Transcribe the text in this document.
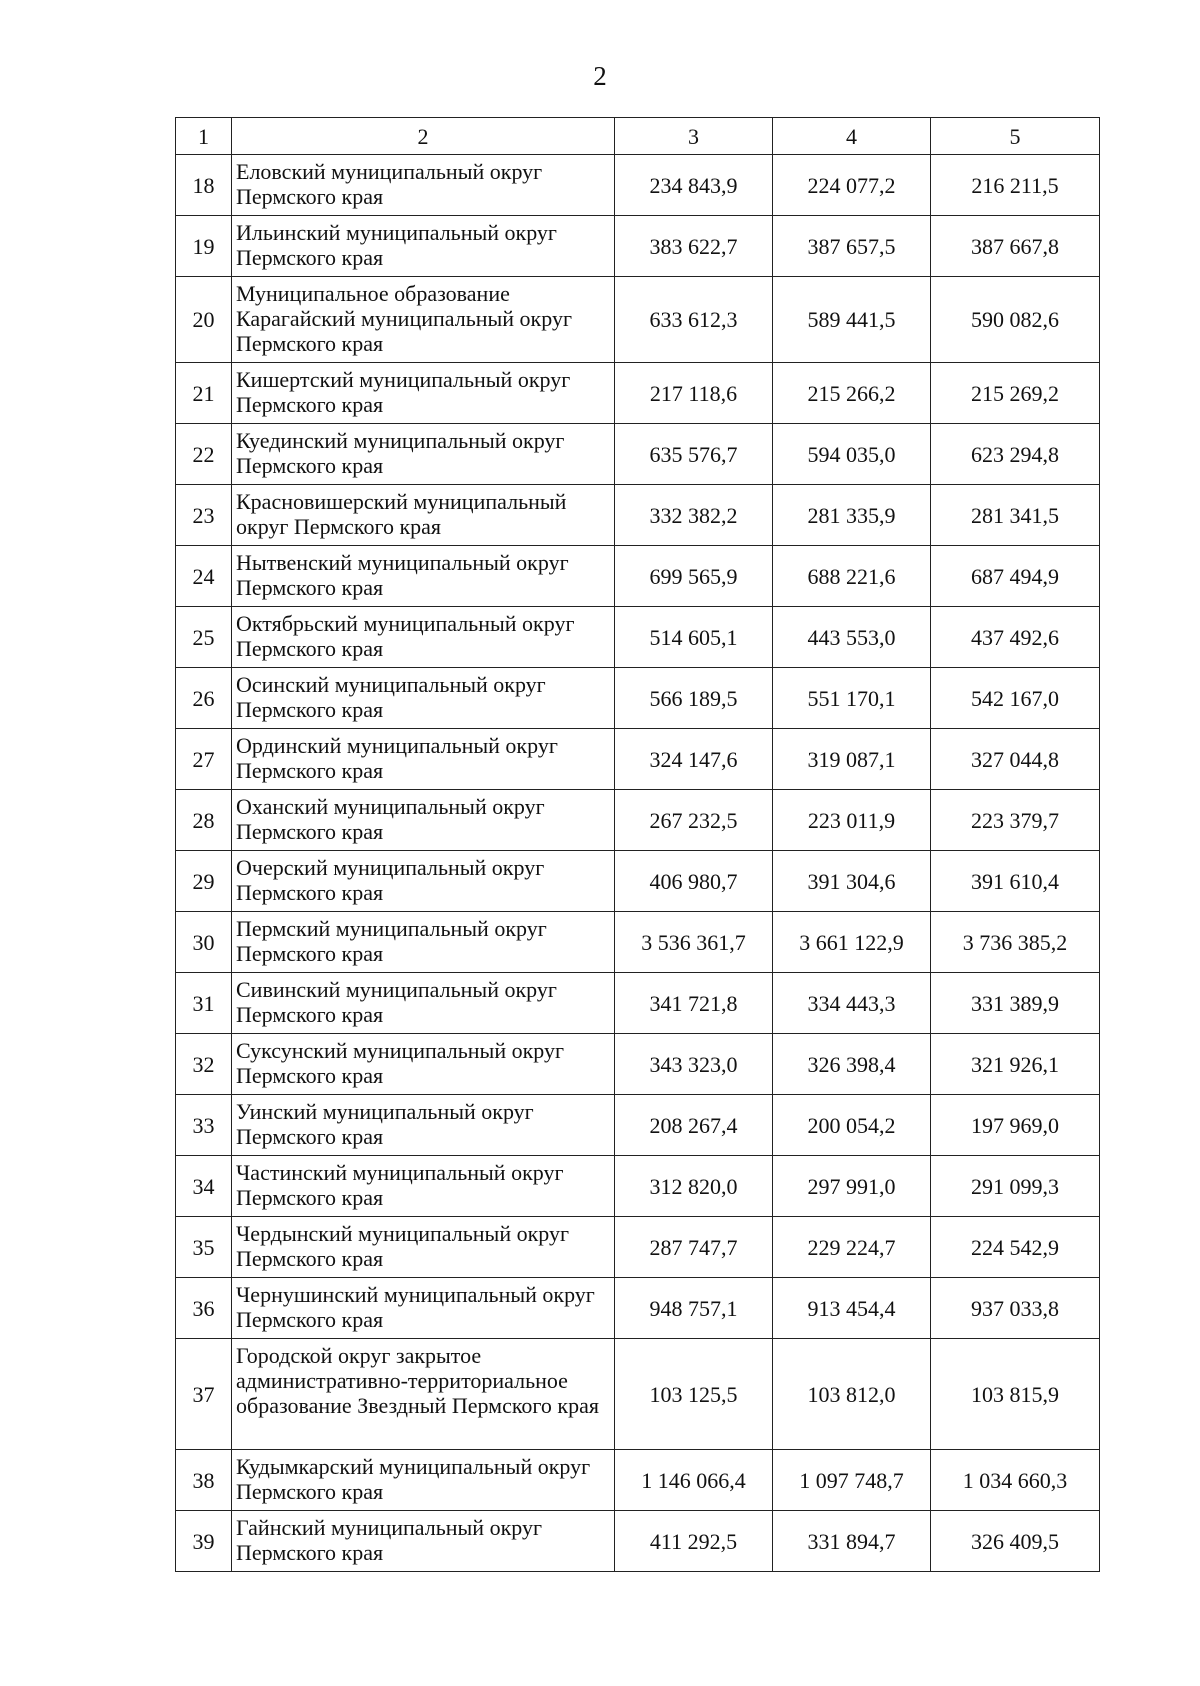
2
1	2	3	4	5
18	Еловский муниципальный округ Пермского края	234 843,9	224 077,2	216 211,5
19	Ильинский муниципальный округ Пермского края	383 622,7	387 657,5	387 667,8
20	Муниципальное образование Карагайский муниципальный округ Пермского края	633 612,3	589 441,5	590 082,6
21	Кишертский муниципальный округ Пермского края	217 118,6	215 266,2	215 269,2
22	Куединский муниципальный округ Пермского края	635 576,7	594 035,0	623 294,8
23	Красновишерский муниципальный округ Пермского края	332 382,2	281 335,9	281 341,5
24	Нытвенский муниципальный округ Пермского края	699 565,9	688 221,6	687 494,9
25	Октябрьский муниципальный округ Пермского края	514 605,1	443 553,0	437 492,6
26	Осинский муниципальный округ Пермского края	566 189,5	551 170,1	542 167,0
27	Ординский муниципальный округ Пермского края	324 147,6	319 087,1	327 044,8
28	Оханский муниципальный округ Пермского края	267 232,5	223 011,9	223 379,7
29	Очерский муниципальный округ Пермского края	406 980,7	391 304,6	391 610,4
30	Пермский муниципальный округ Пермского края	3 536 361,7	3 661 122,9	3 736 385,2
31	Сивинский муниципальный округ Пермского края	341 721,8	334 443,3	331 389,9
32	Суксунский муниципальный округ Пермского края	343 323,0	326 398,4	321 926,1
33	Уинский муниципальный округ Пермского края	208 267,4	200 054,2	197 969,0
34	Частинский муниципальный округ Пермского края	312 820,0	297 991,0	291 099,3
35	Чердынский муниципальный округ Пермского края	287 747,7	229 224,7	224 542,9
36	Чернушинский муниципальный округ Пермского края	948 757,1	913 454,4	937 033,8
37	Городской округ закрытое административно-территориальное образование Звездный Пермского края	103 125,5	103 812,0	103 815,9
38	Кудымкарский муниципальный округ Пермского края	1 146 066,4	1 097 748,7	1 034 660,3
39	Гайнский муниципальный округ Пермского края	411 292,5	331 894,7	326 409,5
